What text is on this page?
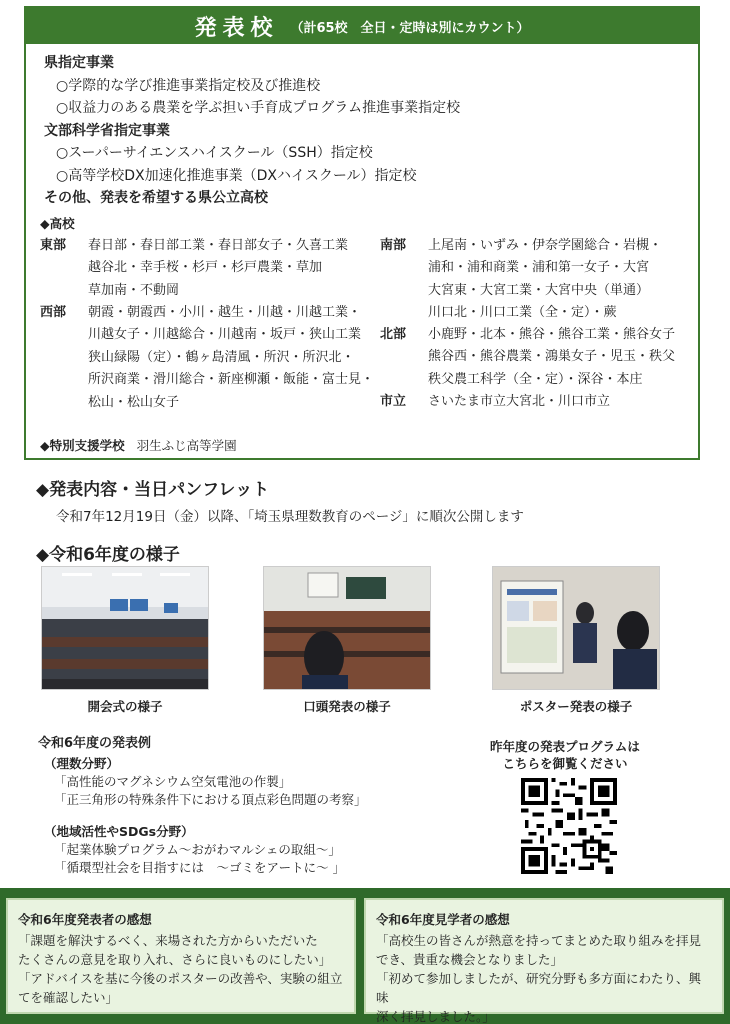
発表校 （計65校　全日・定時は別にカウント）
県指定事業
○学際的な学び推進事業指定校及び推進校
○収益力のある農業を学ぶ担い手育成プログラム推進事業指定校
文部科学省指定事業
○スーパーサイエンスハイスクール（SSH）指定校
○高等学校DX加速化推進事業（DXハイスクール）指定校
その他、発表を希望する県公立高校
◆高校
東部	春日部・春日部工業・春日部女子・久喜工業
越谷北・幸手桜・杉戸・杉戸農業・草加
草加南・不動岡
西部	朝霞・朝霞西・小川・越生・川越・川越工業・
川越女子・川越総合・川越南・坂戸・狭山工業
狭山緑陽（定）・鶴ヶ島清風・所沢・所沢北・
所沢商業・滑川総合・新座柳瀬・飯能・富士見・
松山・松山女子
南部	上尾南・いずみ・伊奈学園総合・岩槻・
浦和・浦和商業・浦和第一女子・大宮
大宮東・大宮工業・大宮中央（単通）
川口北・川口工業（全・定）・蕨
北部	小鹿野・北本・熊谷・熊谷工業・熊谷女子
熊谷西・熊谷農業・鴻巣女子・児玉・秩父
秩父農工科学（全・定）・深谷・本庄
市立	さいたま市立大宮北・川口市立
◆特別支援学校 羽生ふじ高等学園
◆発表内容・当日パンフレット
令和7年12月19日（金）以降、「埼玉県理数教育のページ」に順次公開します
◆令和6年度の様子
開会式の様子	口頭発表の様子	ポスター発表の様子
令和6年度の発表例
（理数分野）
「高性能のマグネシウム空気電池の作製」
「正三角形の特殊条件下における頂点彩色問題の考察」
（地域活性やSDGs分野）
「起業体験プログラム～おがわマルシェの取組～」
「循環型社会を目指すには　～ゴミをアートに～ 」
昨年度の発表プログラムは
こちらを御覧ください
令和6年度発表者の感想
「課題を解決するべく、来場された方からいただいた
たくさんの意見を取り入れ、さらに良いものにしたい」
「アドバイスを基に今後のポスターの改善や、実験の組立
てを確認したい」
令和6年度見学者の感想
「高校生の皆さんが熱意を持ってまとめた取り組みを拝見
でき、貴重な機会となりました」
「初めて参加しましたが、研究分野も多方面にわたり、興味
深く拝見しました。」
